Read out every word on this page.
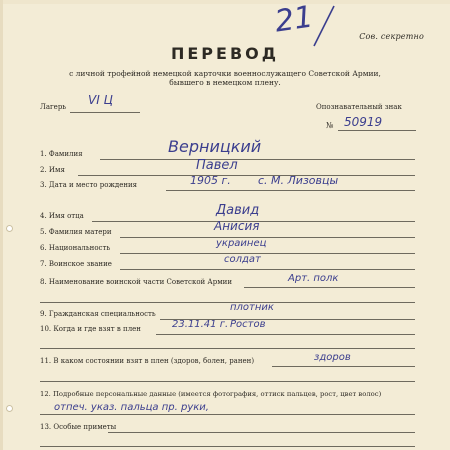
21	Сов. секретно
ПЕРЕВОД
с личной трофейной немецкой карточки военнослужащего Советской Армии,
бывшего в немецком плену.
Лагерь VI Ц	Опознавательный знак
№ 50919
1. Фамилия	Верницкий
2. Имя	Павел
3. Дата и место рождения	1905 г. с. М. Лизовцы
4. Имя отца	Давид
5. Фамилия матери	Анисия
6. Национальность	украинец
7. Воинское звание	солдат
8. Наименование воинской части Советской Армии	Арт. полк
9. Гражданская специальность
плотник
10. Когда и где взят в плен	23.11.41 г. Ростов
11. В каком состоянии взят в плен (здоров, болен, ранен)	здоров
12. Подробные персональные данные (имеется фотография, оттиск пальцев, рост, цвет волос)
отпеч. указ. пальца пр. руки,
13. Особые приметы
